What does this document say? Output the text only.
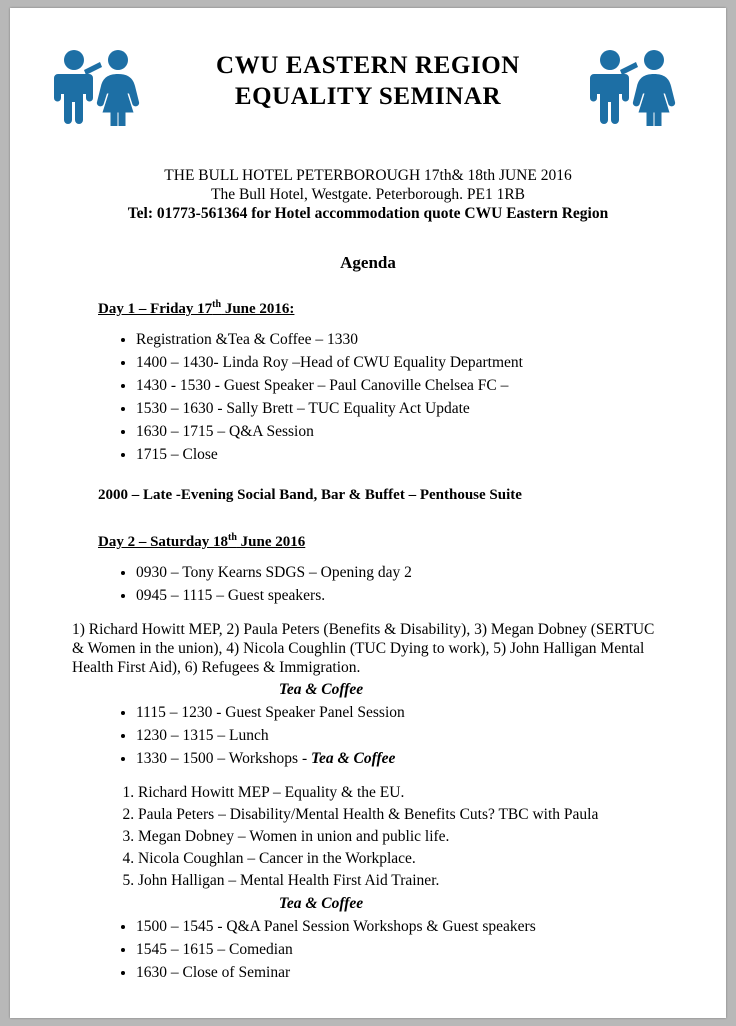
CWU EASTERN REGION
EQUALITY SEMINAR
THE BULL HOTEL PETERBOROUGH 17th& 18th JUNE 2016
The Bull Hotel, Westgate. Peterborough. PE1 1RB
Tel: 01773-561364 for Hotel accommodation quote CWU Eastern Region
Agenda
Day 1 – Friday 17th June 2016:
• Registration &Tea & Coffee – 1330
• 1400 – 1430- Linda Roy –Head of CWU Equality Department
• 1430 - 1530 - Guest Speaker – Paul Canoville Chelsea FC –
• 1530 – 1630 - Sally Brett – TUC Equality Act Update
• 1630 – 1715 – Q&A Session
• 1715 – Close
2000 – Late -Evening Social Band, Bar & Buffet – Penthouse Suite
Day 2 – Saturday 18th June 2016
• 0930 – Tony Kearns SDGS – Opening day 2
• 0945 – 1115 – Guest speakers.
1) Richard Howitt MEP, 2) Paula Peters (Benefits & Disability), 3) Megan Dobney (SERTUC & Women in the union), 4) Nicola Coughlin (TUC Dying to work), 5) John Halligan Mental Health First Aid), 6) Refugees & Immigration.
Tea & Coffee
• 1115 – 1230 - Guest Speaker Panel Session
• 1230 – 1315 – Lunch
• 1330 – 1500 – Workshops - Tea & Coffee
1. Richard Howitt MEP – Equality & the EU.
2. Paula Peters – Disability/Mental Health & Benefits Cuts? TBC with Paula
3. Megan Dobney – Women in union and public life.
4. Nicola Coughlan – Cancer in the Workplace.
5. John Halligan – Mental Health First Aid Trainer.
Tea & Coffee
• 1500 – 1545 - Q&A Panel Session Workshops & Guest speakers
• 1545 – 1615 – Comedian
• 1630 – Close of Seminar
